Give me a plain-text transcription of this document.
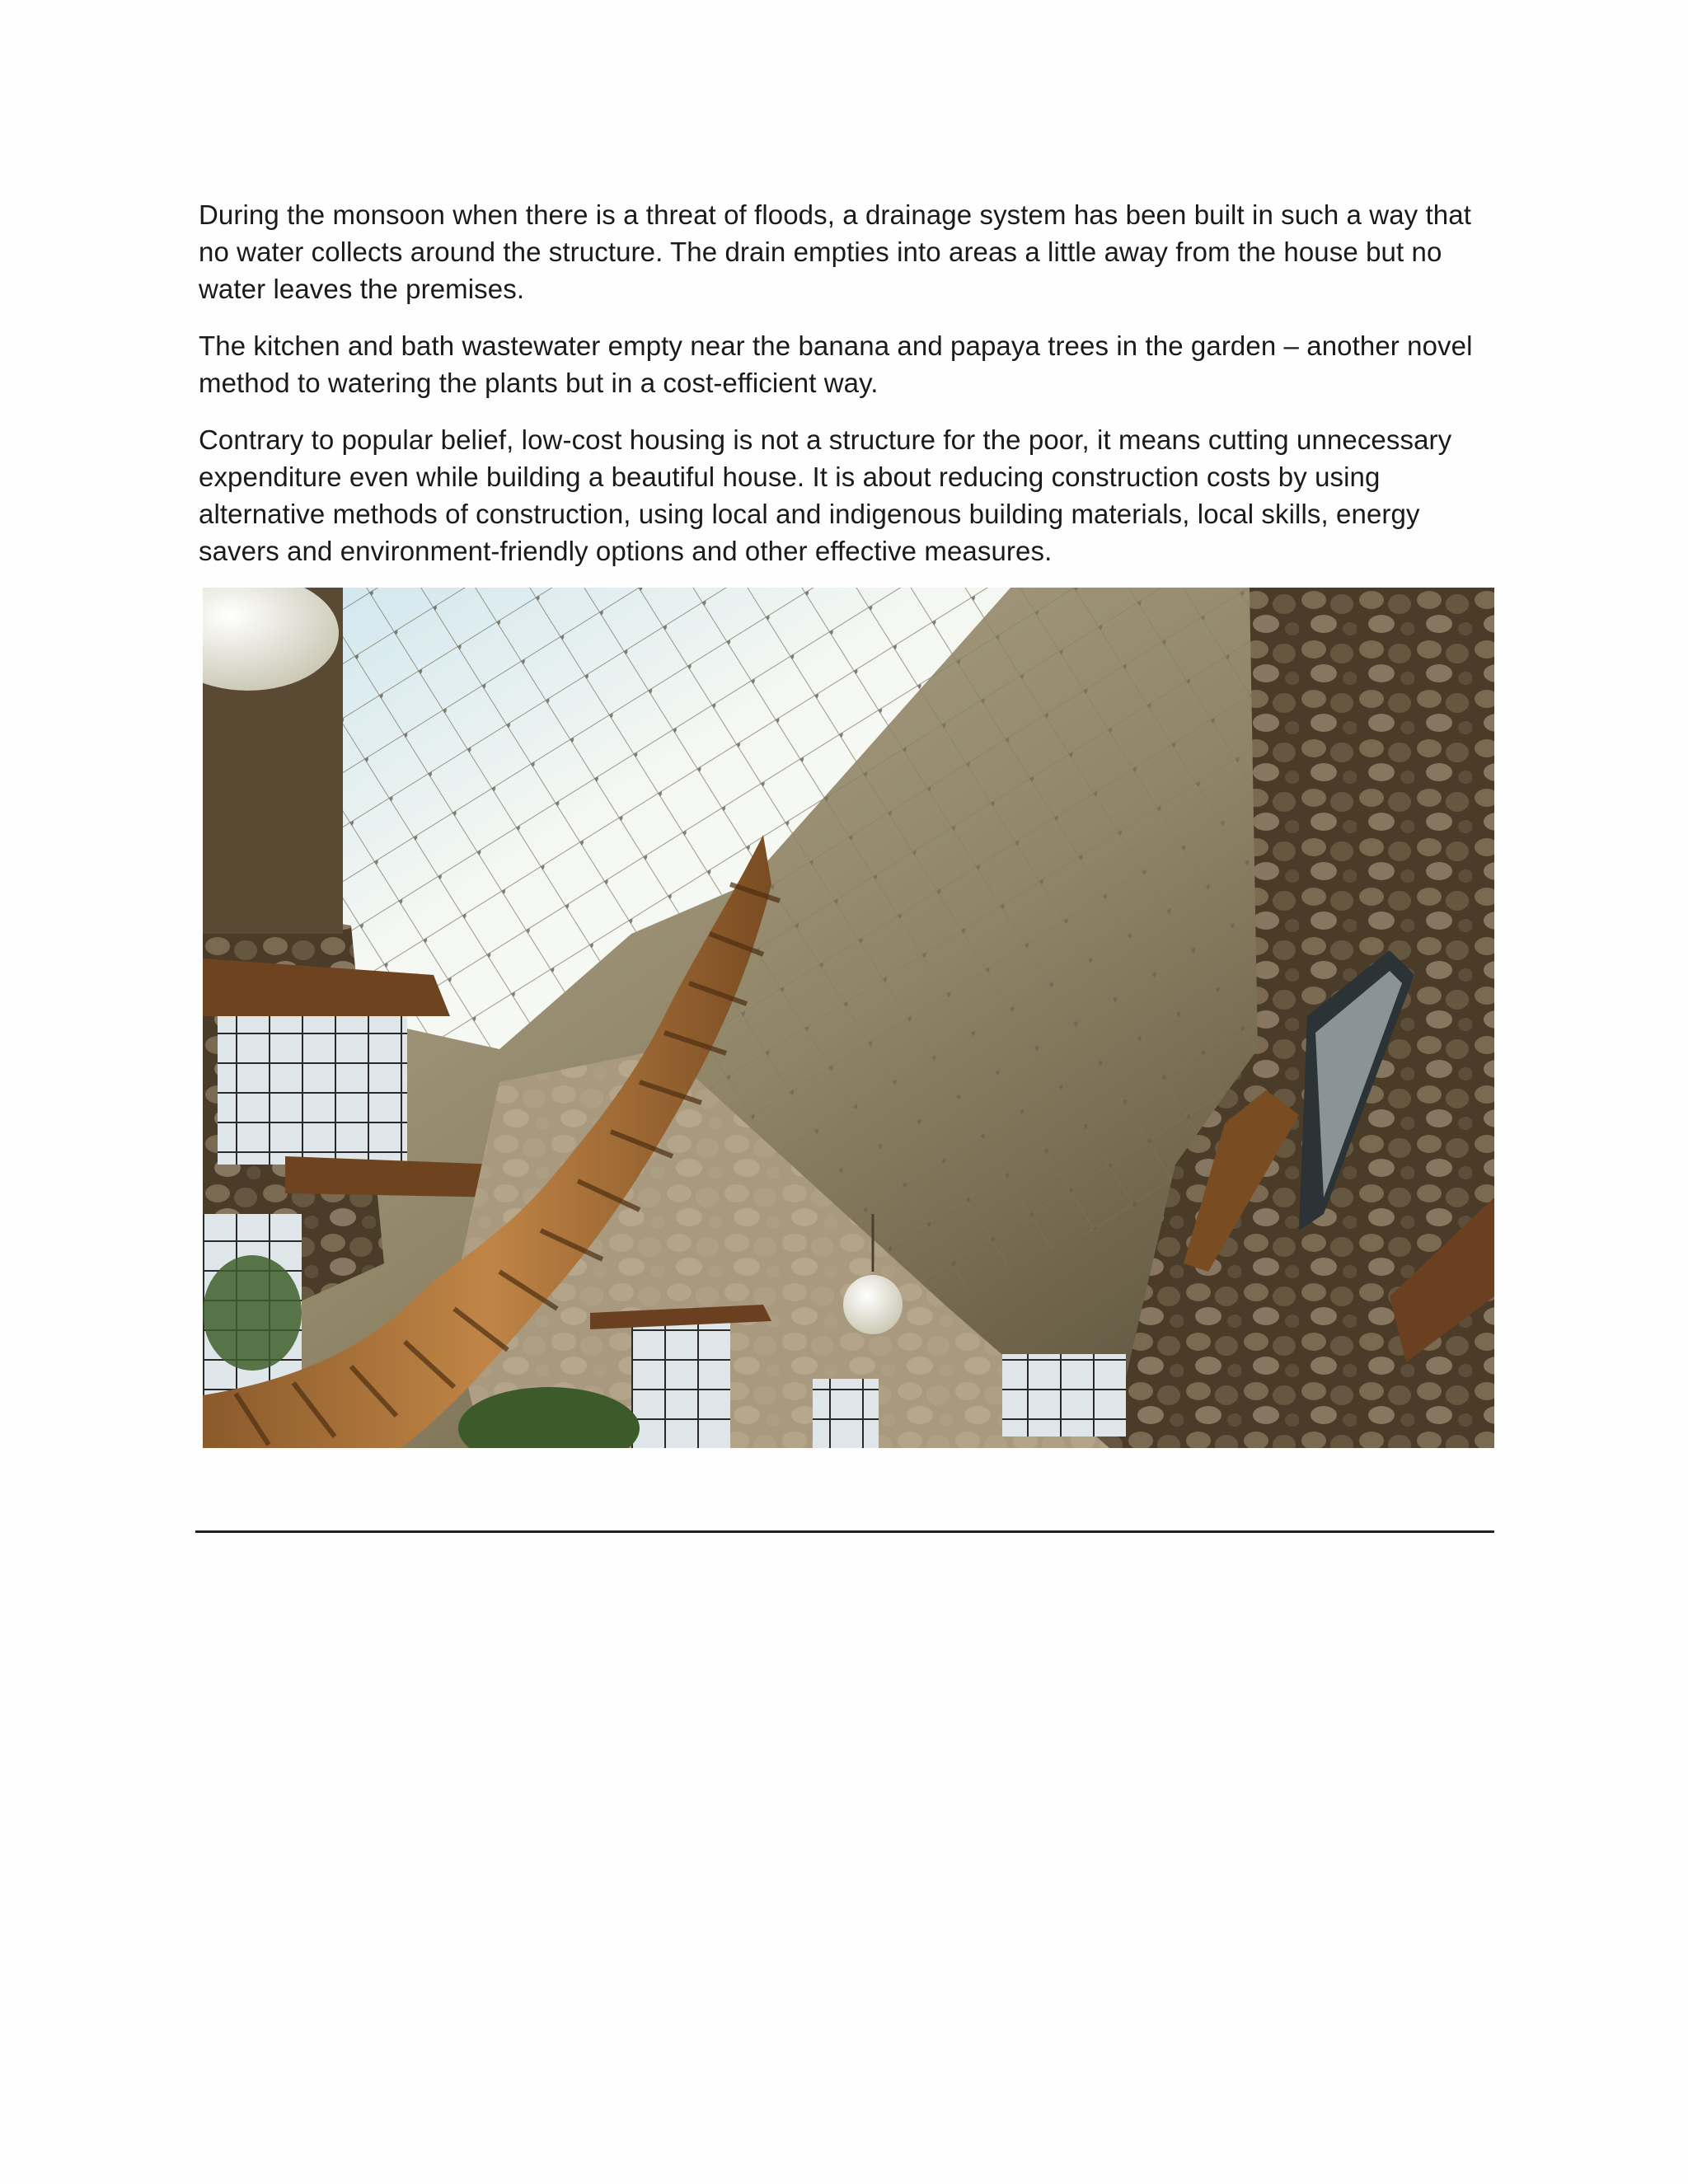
During the monsoon when there is a threat of floods, a drainage system has been built in such a way that no water collects around the structure. The drain empties into areas a little away from the house but no water leaves the premises.

The kitchen and bath wastewater empty near the banana and papaya trees in the garden – another novel method to watering the plants but in a cost-efficient way.

Contrary to popular belief, low-cost housing is not a structure for the poor, it means cutting unnecessary expenditure even while building a beautiful house. It is about reducing construction costs by using alternative methods of construction, using local and indigenous building materials, local skills, energy savers and environment-friendly options and other effective measures.
